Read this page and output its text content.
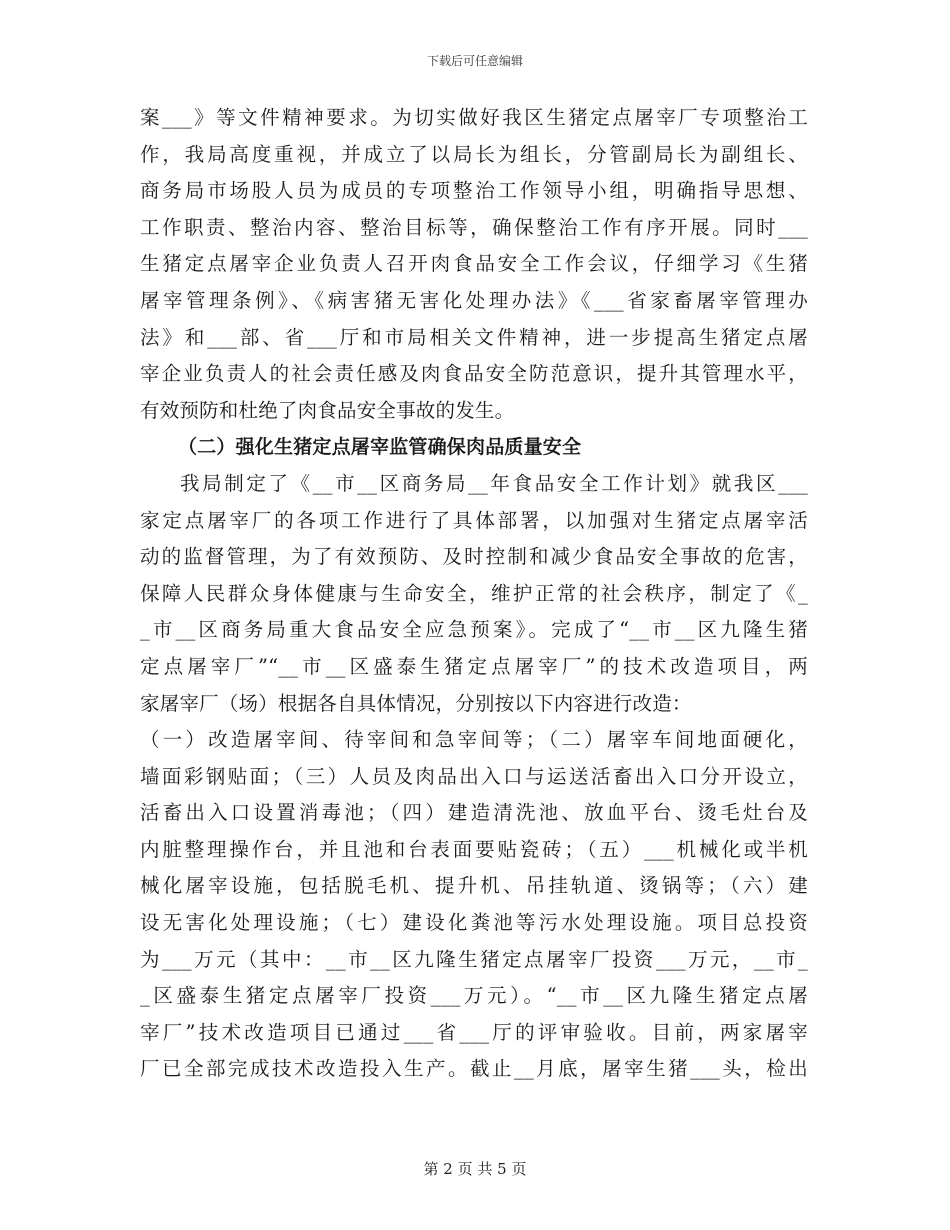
下载后可任意编辑
案___》等文件精神要求。为切实做好我区生猪定点屠宰厂专项整治工
作，我局高度重视，并成立了以局长为组长，分管副局长为副组长、
商务局市场股人员为成员的专项整治工作领导小组，明确指导思想、
工作职责、整治内容、整治目标等，确保整治工作有序开展。同时___
生猪定点屠宰企业负责人召开肉食品安全工作会议，仔细学习《生猪
屠宰管理条例》、《病害猪无害化处理办法》《___省家畜屠宰管理办
法》和___部、省___厅和市局相关文件精神，进一步提高生猪定点屠
宰企业负责人的社会责任感及肉食品安全防范意识，提升其管理水平，
有效预防和杜绝了肉食品安全事故的发生。
（二）强化生猪定点屠宰监管确保肉品质量安全
我局制定了《__市__区商务局__年食品安全工作计划》就我区___
家定点屠宰厂的各项工作进行了具体部署，以加强对生猪定点屠宰活
动的监督管理，为了有效预防、及时控制和减少食品安全事故的危害，
保障人民群众身体健康与生命安全，维护正常的社会秩序，制定了《_
_市__区商务局重大食品安全应急预案》。完成了“__市__区九隆生猪
定点屠宰厂”“__市__区盛泰生猪定点屠宰厂”的技术改造项目，两
家屠宰厂（场）根据各自具体情况，分别按以下内容进行改造：
（一）改造屠宰间、待宰间和急宰间等；（二）屠宰车间地面硬化，
墙面彩钢贴面；（三）人员及肉品出入口与运送活畜出入口分开设立，
活畜出入口设置消毒池；（四）建造清洗池、放血平台、烫毛灶台及
内脏整理操作台，并且池和台表面要贴瓷砖；（五）___机械化或半机
械化屠宰设施，包括脱毛机、提升机、吊挂轨道、烫锅等；（六）建
设无害化处理设施；（七）建设化粪池等污水处理设施。项目总投资
为___万元（其中：__市__区九隆生猪定点屠宰厂投资___万元，__市_
_区盛泰生猪定点屠宰厂投资___万元）。“__市__区九隆生猪定点屠
宰厂”技术改造项目已通过___省___厅的评审验收。目前，两家屠宰
厂已全部完成技术改造投入生产。截止__月底，屠宰生猪___头，检出
第 2 页 共 5 页
